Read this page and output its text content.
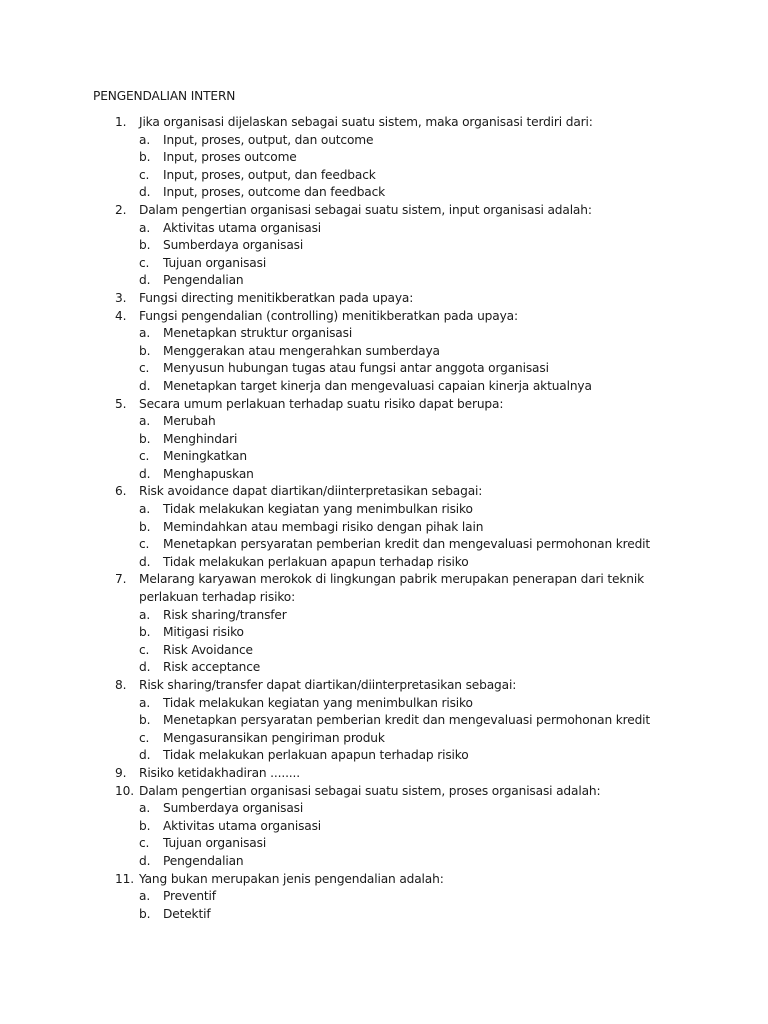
PENGENDALIAN INTERN
1.	Jika organisasi dijelaskan sebagai suatu sistem, maka organisasi terdiri dari:
a.	Input, proses, output, dan outcome
b.	Input, proses outcome
c.	Input, proses, output, dan feedback
d.	Input, proses, outcome dan feedback
2.	Dalam pengertian organisasi sebagai suatu sistem, input organisasi adalah:
a.	Aktivitas utama organisasi
b.	Sumberdaya organisasi
c.	Tujuan organisasi
d.	Pengendalian
3.	Fungsi directing menitikberatkan pada upaya:
4.	Fungsi pengendalian (controlling) menitikberatkan pada upaya:
a.	Menetapkan struktur organisasi
b.	Menggerakan atau mengerahkan sumberdaya
c.	Menyusun hubungan tugas atau fungsi antar anggota organisasi
d.	Menetapkan target kinerja dan mengevaluasi capaian kinerja aktualnya
5.	Secara umum perlakuan terhadap suatu risiko dapat berupa:
a.	Merubah
b.	Menghindari
c.	Meningkatkan
d.	Menghapuskan
6.	Risk avoidance dapat diartikan/diinterpretasikan sebagai:
a.	Tidak melakukan kegiatan yang menimbulkan risiko
b.	Memindahkan atau membagi risiko dengan pihak lain
c.	Menetapkan persyaratan pemberian kredit dan mengevaluasi permohonan kredit
d.	Tidak melakukan perlakuan apapun terhadap risiko
7.	Melarang karyawan merokok di lingkungan pabrik merupakan penerapan dari teknik perlakuan terhadap risiko:
a.	Risk sharing/transfer
b.	Mitigasi risiko
c.	Risk Avoidance
d.	Risk acceptance
8.	Risk sharing/transfer dapat diartikan/diinterpretasikan sebagai:
a.	Tidak melakukan kegiatan yang menimbulkan risiko
b.	Menetapkan persyaratan pemberian kredit dan mengevaluasi permohonan kredit
c.	Mengasuransikan pengiriman produk
d.	Tidak melakukan perlakuan apapun terhadap risiko
9.	Risiko ketidakhadiran ........
10. Dalam pengertian organisasi sebagai suatu sistem, proses organisasi adalah:
a.	Sumberdaya organisasi
b.	Aktivitas utama organisasi
c.	Tujuan organisasi
d.	Pengendalian
11. Yang bukan merupakan jenis pengendalian adalah:
a.	Preventif
b.	Detektif
